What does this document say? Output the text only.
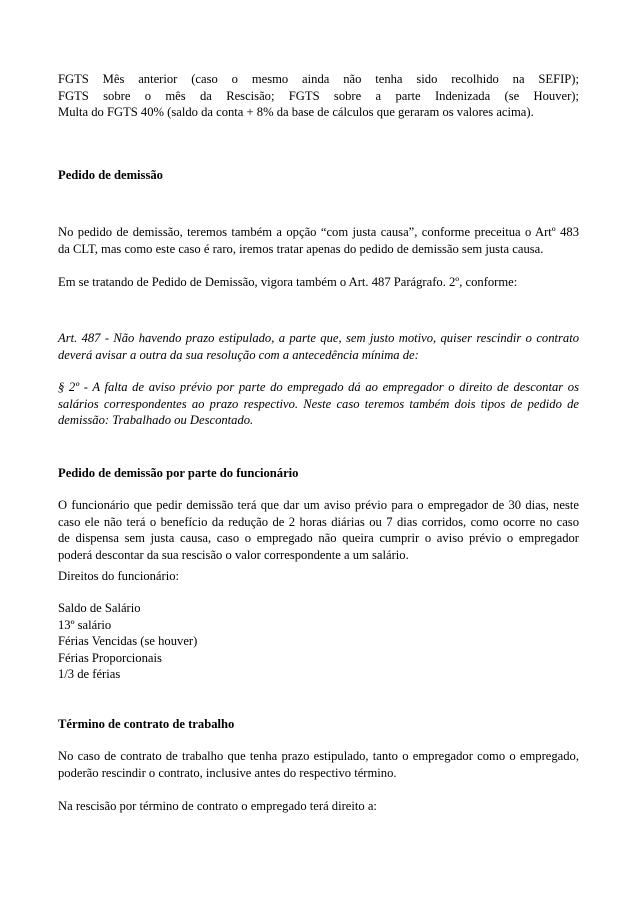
FGTS Mês anterior (caso o mesmo ainda não tenha sido recolhido na SEFIP);
FGTS sobre o mês da Rescisão; FGTS sobre a parte Indenizada (se Houver);
Multa do FGTS 40% (saldo da conta + 8% da base de cálculos que geraram os valores acima).
Pedido de demissão
No pedido de demissão, teremos também a opção “com justa causa”, conforme preceitua o Artº 483
da CLT, mas como este caso é raro, iremos tratar apenas do pedido de demissão sem justa causa.
Em se tratando de Pedido de Demissão, vigora também o Art. 487 Parágrafo. 2º, conforme:
Art. 487 - Não havendo prazo estipulado, a parte que, sem justo motivo, quiser rescindir o contrato
deverá avisar a outra da sua resolução com a antecedência mínima de:
§ 2º - A falta de aviso prévio por parte do empregado dá ao empregador o direito de descontar os
salários correspondentes ao prazo respectivo. Neste caso teremos também dois tipos de pedido de
demissão: Trabalhado ou Descontado.
Pedido de demissão por parte do funcionário
O funcionário que pedir demissão terá que dar um aviso prévio para o empregador de 30 dias, neste
caso ele não terá o benefício da redução de 2 horas diárias ou 7 dias corridos, como ocorre no caso
de dispensa sem justa causa, caso o empregado não queira cumprir o aviso prévio o empregador
poderá descontar da sua rescisão o valor correspondente a um salário.
Direitos do funcionário:
Saldo de Salário
13º salário
Férias Vencidas (se houver)
Férias Proporcionais
1/3 de férias
Término de contrato de trabalho
No caso de contrato de trabalho que tenha prazo estipulado, tanto o empregador como o empregado,
poderão rescindir o contrato, inclusive antes do respectivo término.
Na rescisão por término de contrato o empregado terá direito a:
